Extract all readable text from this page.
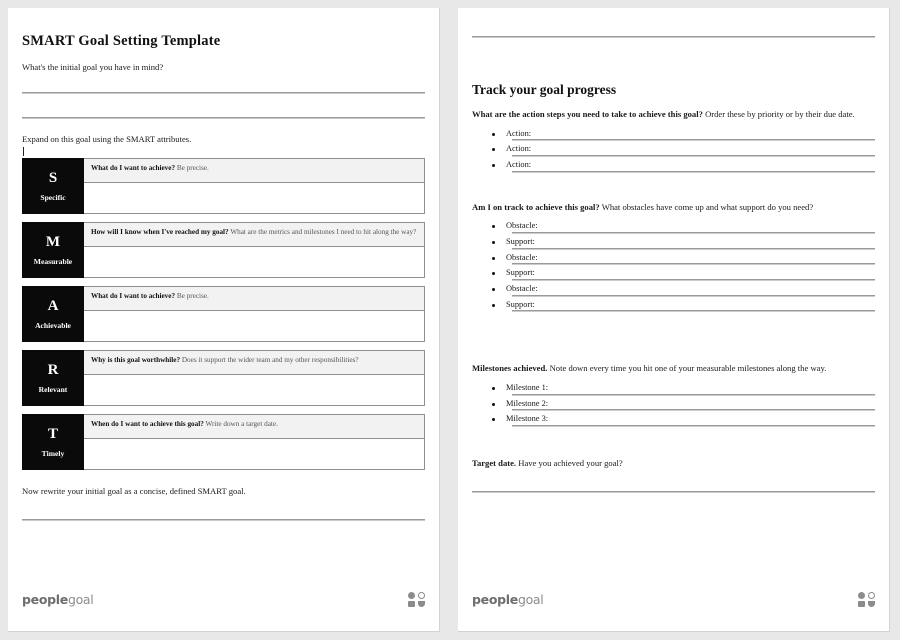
SMART Goal Setting Template

What's the initial goal you have in mind?

Expand on this goal using the SMART attributes.

S
Specific
What do I want to achieve? Be precise.
M
Measurable
How will I know when I've reached my goal? What are the metrics and milestones I need to hit along the way?
A
Achievable
What do I want to achieve? Be precise.
R
Relevant
Why is this goal worthwhile? Does it support the wider team and my other responsibilities?
T
Timely
When do I want to achieve this goal? Write down a target date.

Now rewrite your initial goal as a concise, defined SMART goal.

peoplegoal
Track your goal progress

What are the action steps you need to take to achieve this goal? Order these by priority or by their due date.

Action:
Action:
Action:

Am I on track to achieve this goal? What obstacles have come up and what support do you need?

Obstacle:
Support:
Obstacle:
Support:
Obstacle:
Support:

Milestones achieved. Note down every time you hit one of your measurable milestones along the way.

Milestone 1:
Milestone 2:
Milestone 3:

Target date. Have you achieved your goal?

peoplegoal
